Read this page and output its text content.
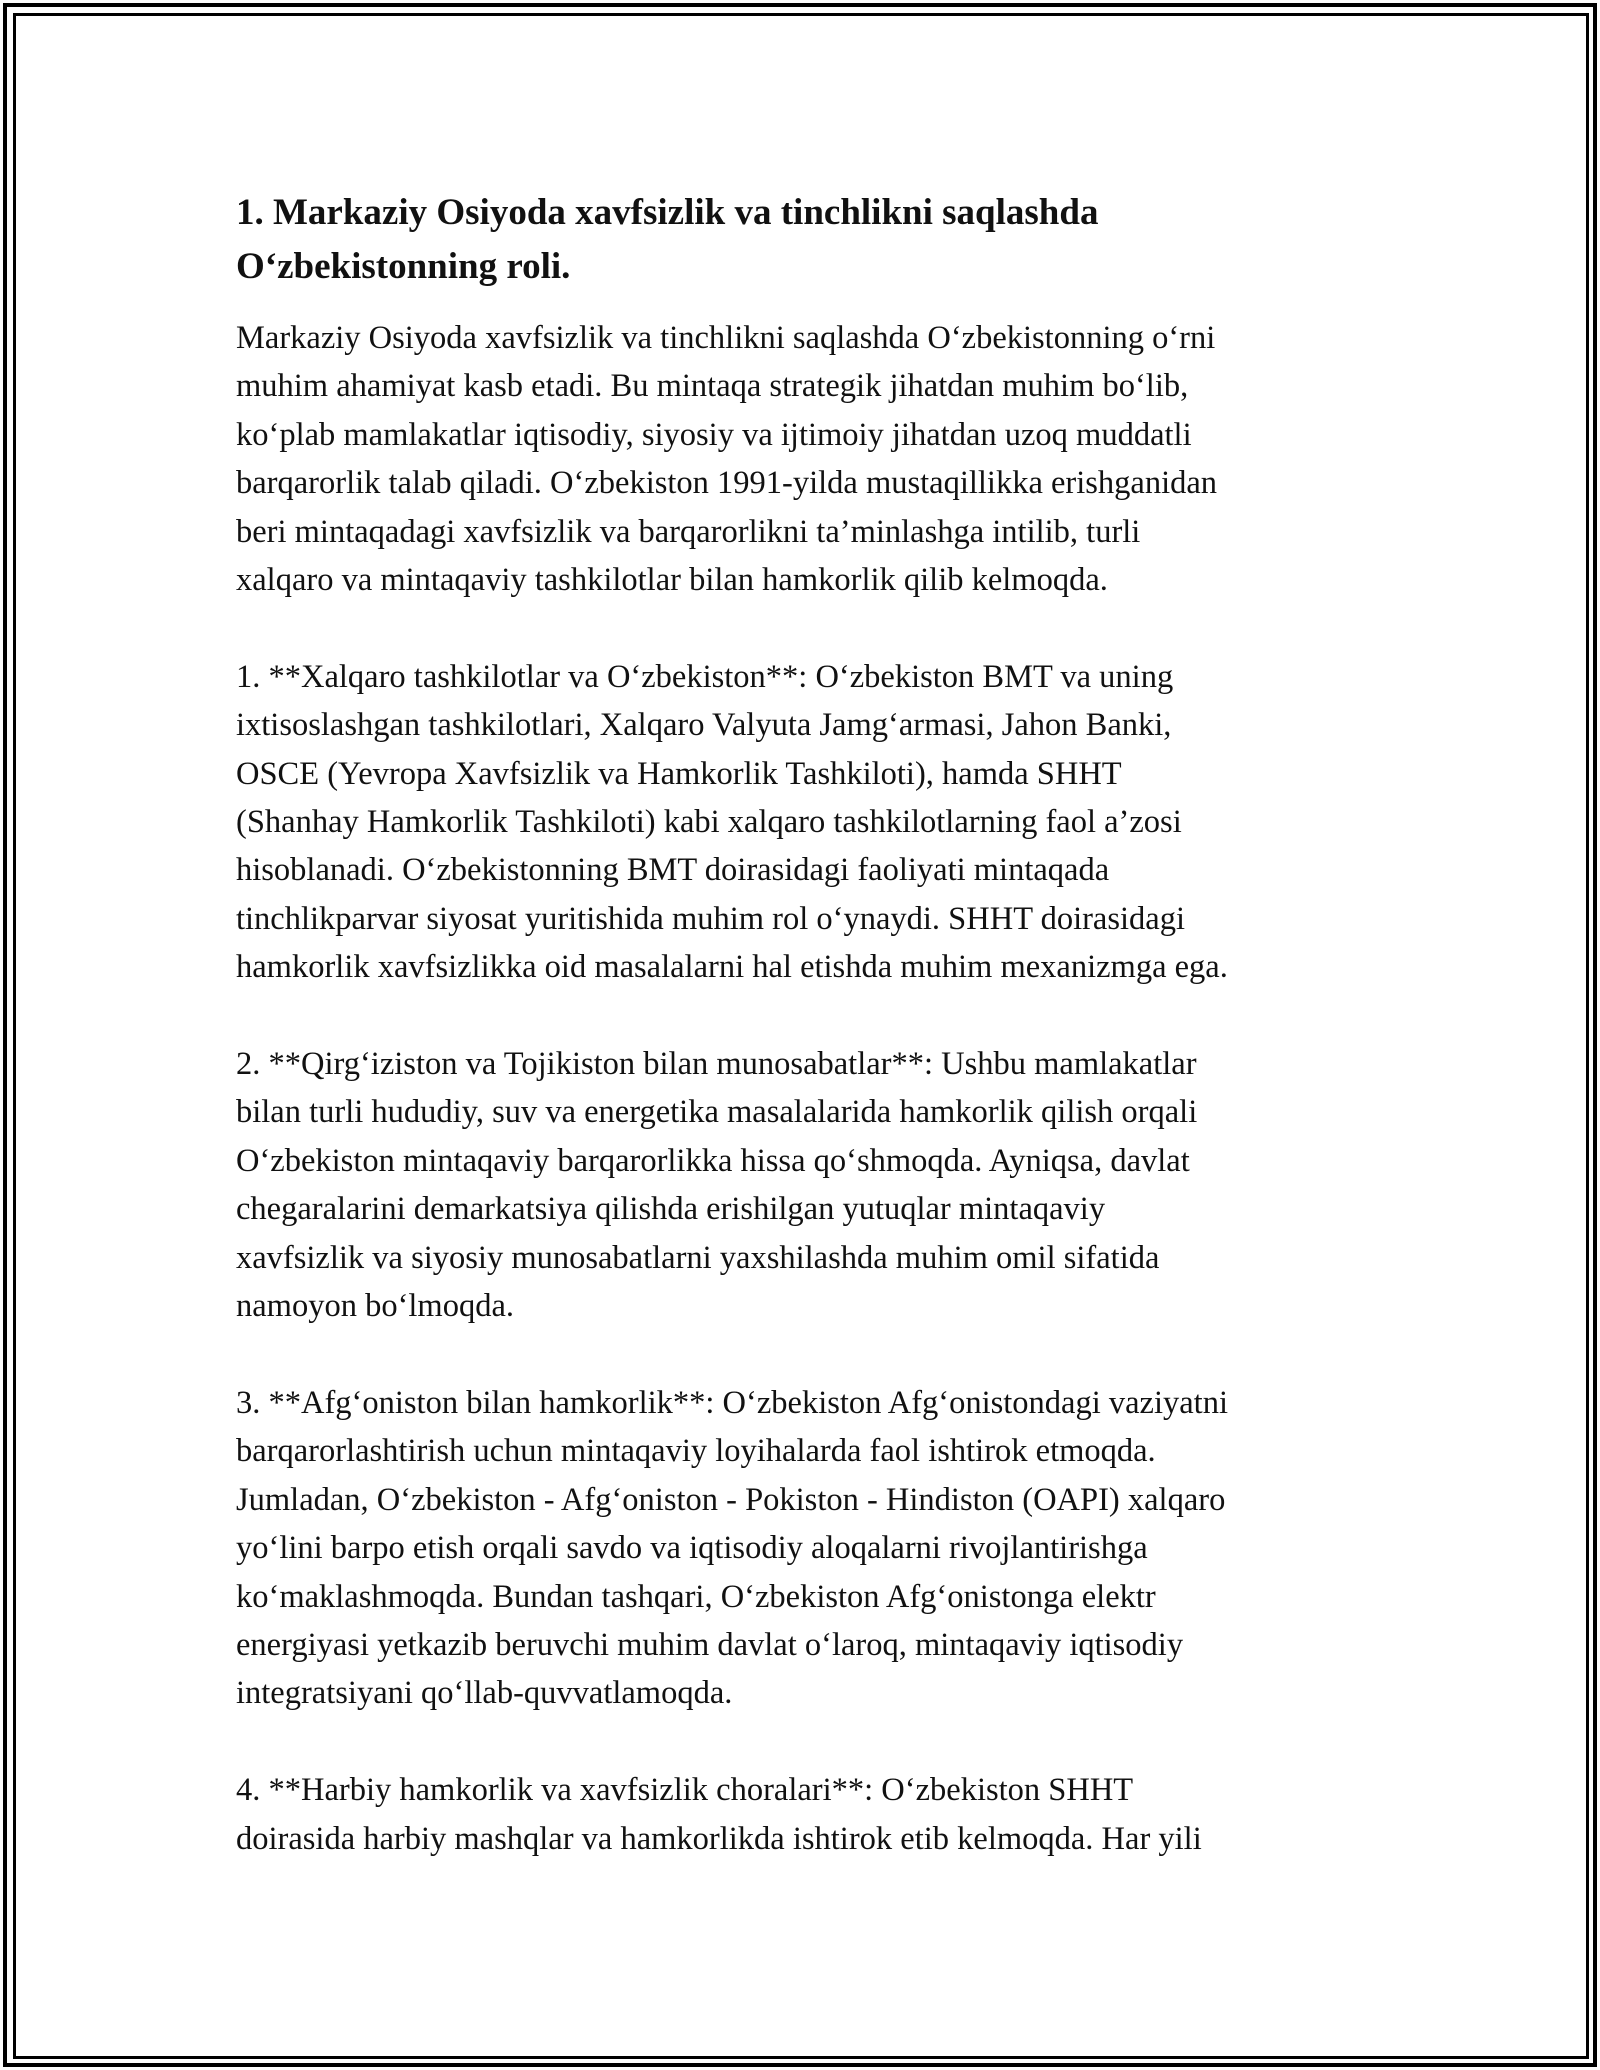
1. Markaziy Osiyoda xavfsizlik va tinchlikni saqlashda
O‘zbekistonning roli.

Markaziy Osiyoda xavfsizlik va tinchlikni saqlashda O‘zbekistonning o‘rni
muhim ahamiyat kasb etadi. Bu mintaqa strategik jihatdan muhim bo‘lib,
ko‘plab mamlakatlar iqtisodiy, siyosiy va ijtimoiy jihatdan uzoq muddatli
barqarorlik talab qiladi. O‘zbekiston 1991-yilda mustaqillikka erishganidan
beri mintaqadagi xavfsizlik va barqarorlikni ta’minlashga intilib, turli
xalqaro va mintaqaviy tashkilotlar bilan hamkorlik qilib kelmoqda.

1. **Xalqaro tashkilotlar va O‘zbekiston**: O‘zbekiston BMT va uning
ixtisoslashgan tashkilotlari, Xalqaro Valyuta Jamg‘armasi, Jahon Banki,
OSCE (Yevropa Xavfsizlik va Hamkorlik Tashkiloti), hamda SHHT
(Shanhay Hamkorlik Tashkiloti) kabi xalqaro tashkilotlarning faol a’zosi
hisoblanadi. O‘zbekistonning BMT doirasidagi faoliyati mintaqada
tinchlikparvar siyosat yuritishida muhim rol o‘ynaydi. SHHT doirasidagi
hamkorlik xavfsizlikka oid masalalarni hal etishda muhim mexanizmga ega.

2. **Qirg‘iziston va Tojikiston bilan munosabatlar**: Ushbu mamlakatlar
bilan turli hududiy, suv va energetika masalalarida hamkorlik qilish orqali
O‘zbekiston mintaqaviy barqarorlikka hissa qo‘shmoqda. Ayniqsa, davlat
chegaralarini demarkatsiya qilishda erishilgan yutuqlar mintaqaviy
xavfsizlik va siyosiy munosabatlarni yaxshilashda muhim omil sifatida
namoyon bo‘lmoqda.

3. **Afg‘oniston bilan hamkorlik**: O‘zbekiston Afg‘onistondagi vaziyatni
barqarorlashtirish uchun mintaqaviy loyihalarda faol ishtirok etmoqda.
Jumladan, O‘zbekiston - Afg‘oniston - Pokiston - Hindiston (OAPI) xalqaro
yo‘lini barpo etish orqali savdo va iqtisodiy aloqalarni rivojlantirishga
ko‘maklashmoqda. Bundan tashqari, O‘zbekiston Afg‘onistonga elektr
energiyasi yetkazib beruvchi muhim davlat o‘laroq, mintaqaviy iqtisodiy
integratsiyani qo‘llab-quvvatlamoqda.

4. **Harbiy hamkorlik va xavfsizlik choralari**: O‘zbekiston SHHT
doirasida harbiy mashqlar va hamkorlikda ishtirok etib kelmoqda. Har yili
